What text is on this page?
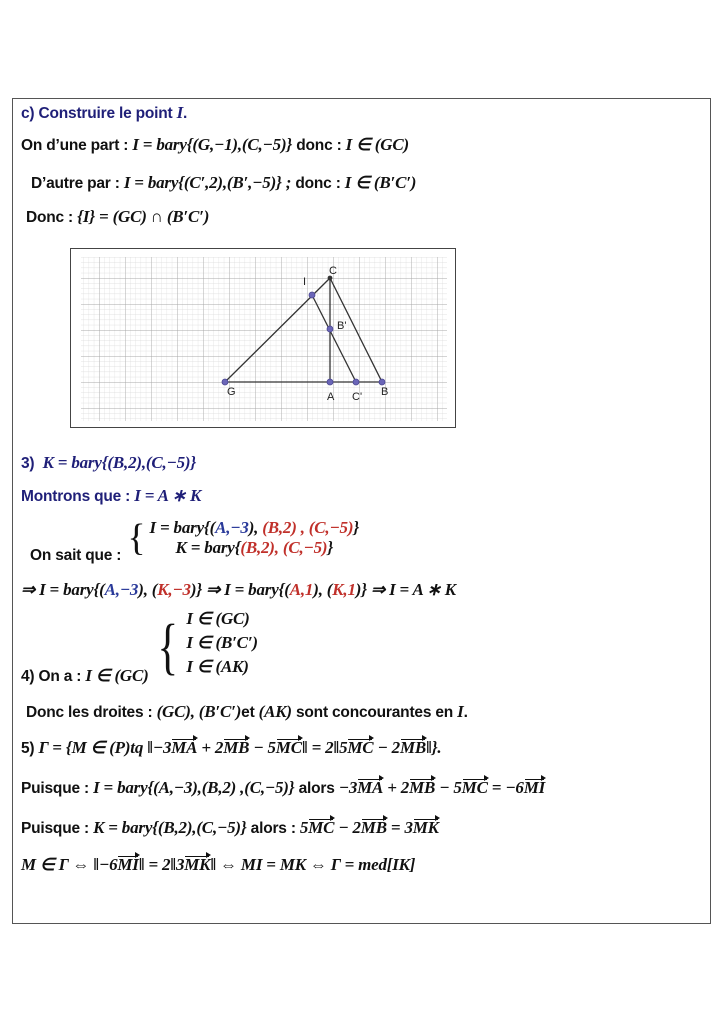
c) Construire le point I.
On d’une part : I = bary{(G,−1),(C,−5)} donc : I ∈ (GC)
D’autre par : I = bary{(C′,2),(B′,−5)} ; donc : I ∈ (B′C′)
Donc : {I} = (GC) ∩ (B′C′)
C
I
B'
G	A C' B
3) K = bary{(B,2),(C,−5)}
Montrons que : I = A ∗ K
On sait que : { I = bary{(A,−3), (B,2) , (C,−5)}
K = bary{(B,2), (C,−5)}
⇒ I = bary{(A,−3), (K,−3)} ⇒ I = bary{(A,1), (K,1)} ⇒ I = A ∗ K
4) On a : I ∈ (GC) { I ∈ (GC)
I ∈ (B′C′)
I ∈ (AK)
Donc les droites : (GC), (B′C′)et (AK) sont concourantes en I.
5) Γ = {M ∈ (P)tq ‖−3MA + 2MB − 5MC‖ = 2‖5MC − 2MB‖}.
Puisque : I = bary{(A,−3),(B,2) ,(C,−5)} alors −3MA + 2MB − 5MC = −6MI
Puisque : K = bary{(B,2),(C,−5)} alors : 5MC − 2MB = 3MK
M ∈ Γ ⇔ ‖−6MI‖ = 2‖3MK‖ ⇔ MI = MK ⇔ Γ = med[IK]
